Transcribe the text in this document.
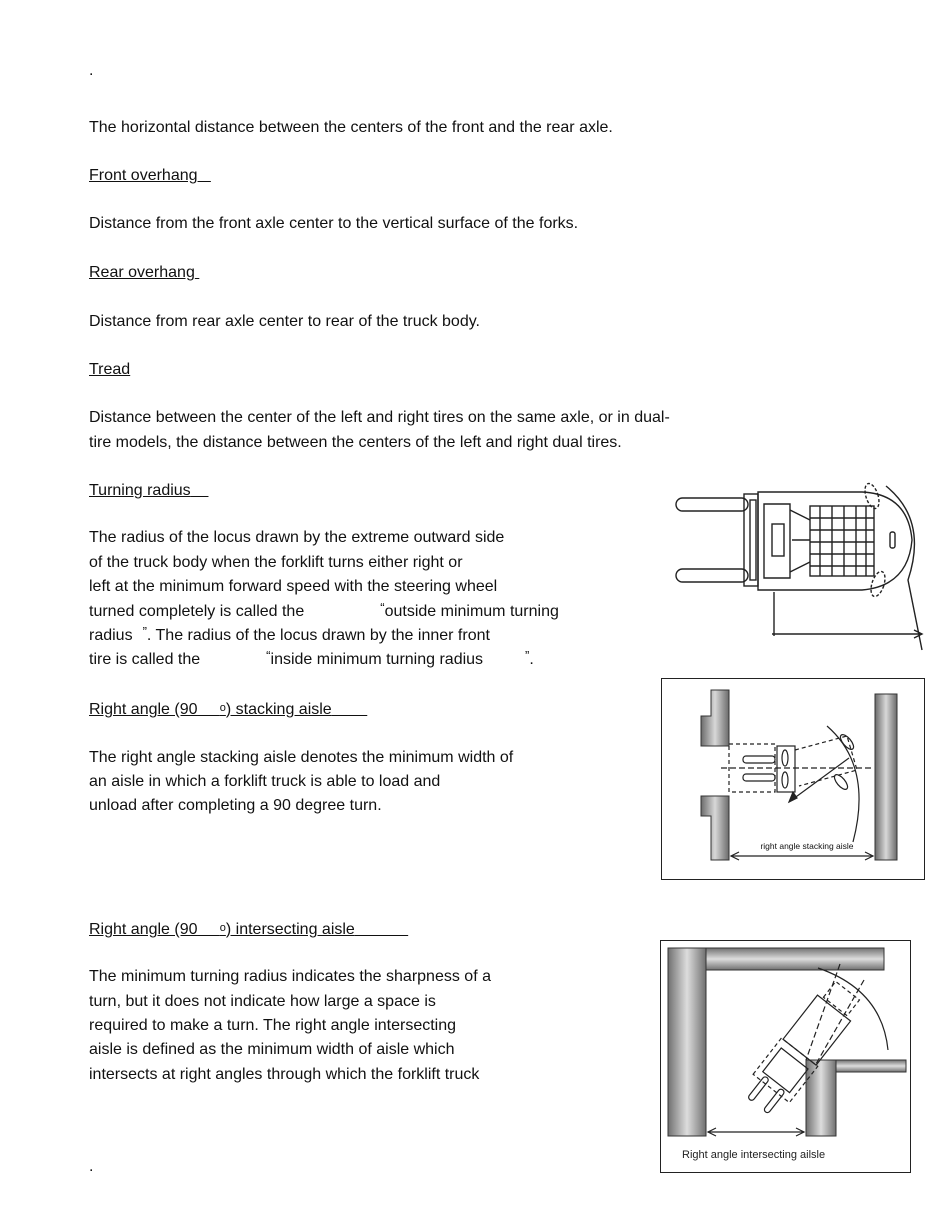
.

The horizontal distance between the centers of the front and the rear axle.

Front overhang

Distance from the front axle center to the vertical surface of the forks.

Rear overhang

Distance from rear axle center to rear of the truck body.

Tread

Distance between the center of the left and right tires on the same axle, or in dual-

tire models, the distance between the centers of the left and right dual tires.

Turning radius

The radius of the locus drawn by the extreme outward side

of the truck body when the forklift turns either right or

left at the minimum forward speed with the steering wheel

turned completely is called the	“outside minimum turning

radius ”. The radius of the locus drawn by the inner front

tire is called the	“inside minimum turning radius	”.

Right angle (90 $^o$) stacking aisle

The right angle stacking aisle denotes the minimum width of

an aisle in which a forklift truck is able to load and

unload after completing a 90 degree turn.

Right angle (90 $^o$) intersecting aisle

The minimum turning radius indicates the sharpness of a

turn, but it does not indicate how large a space is

required to make a turn. The right angle intersecting

aisle is defined as the minimum width of aisle which

intersects at right angles through which the forklift truck

.
right angle stacking aisle
Right angle intersecting ailsle
